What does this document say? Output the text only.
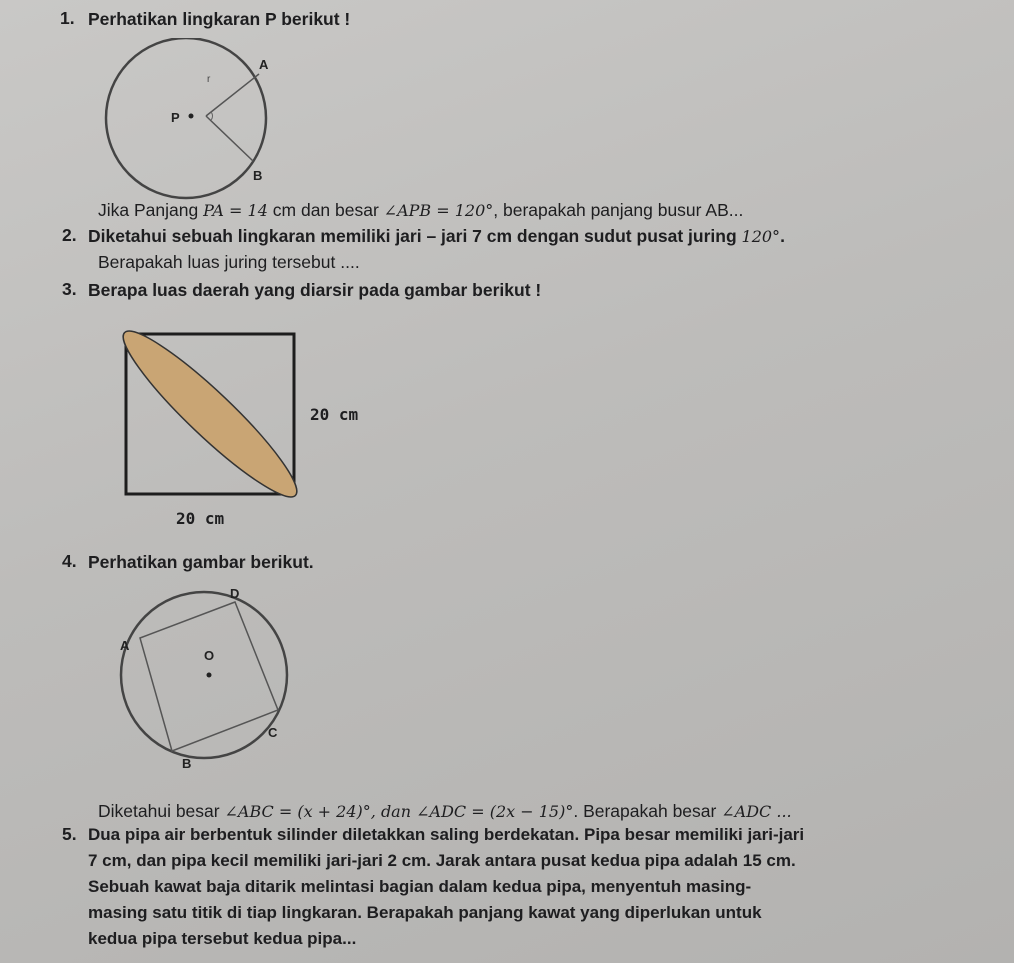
1. Perhatikan lingkaran P berikut !
A
B
P
r
Jika Panjang PA = 14 cm dan besar ∠APB = 120°, berapakah panjang busur AB...
2. Diketahui sebuah lingkaran memiliki jari – jari 7 cm dengan sudut pusat juring 120°.
Berapakah luas juring tersebut ....
3. Berapa luas daerah yang diarsir pada gambar berikut !
20 cm
20 cm
4. Perhatikan gambar berikut.
D
A
O
C
B
Diketahui besar ∠ABC = (x + 24)°, dan ∠ADC = (2x − 15)°. Berapakah besar ∠ADC ...
5. Dua pipa air berbentuk silinder diletakkan saling berdekatan. Pipa besar memiliki jari-jari
7 cm, dan pipa kecil memiliki jari-jari 2 cm. Jarak antara pusat kedua pipa adalah 15 cm.
Sebuah kawat baja ditarik melintasi bagian dalam kedua pipa, menyentuh masing-
masing satu titik di tiap lingkaran. Berapakah panjang kawat yang diperlukan untuk
kedua pipa tersebut kedua pipa...
